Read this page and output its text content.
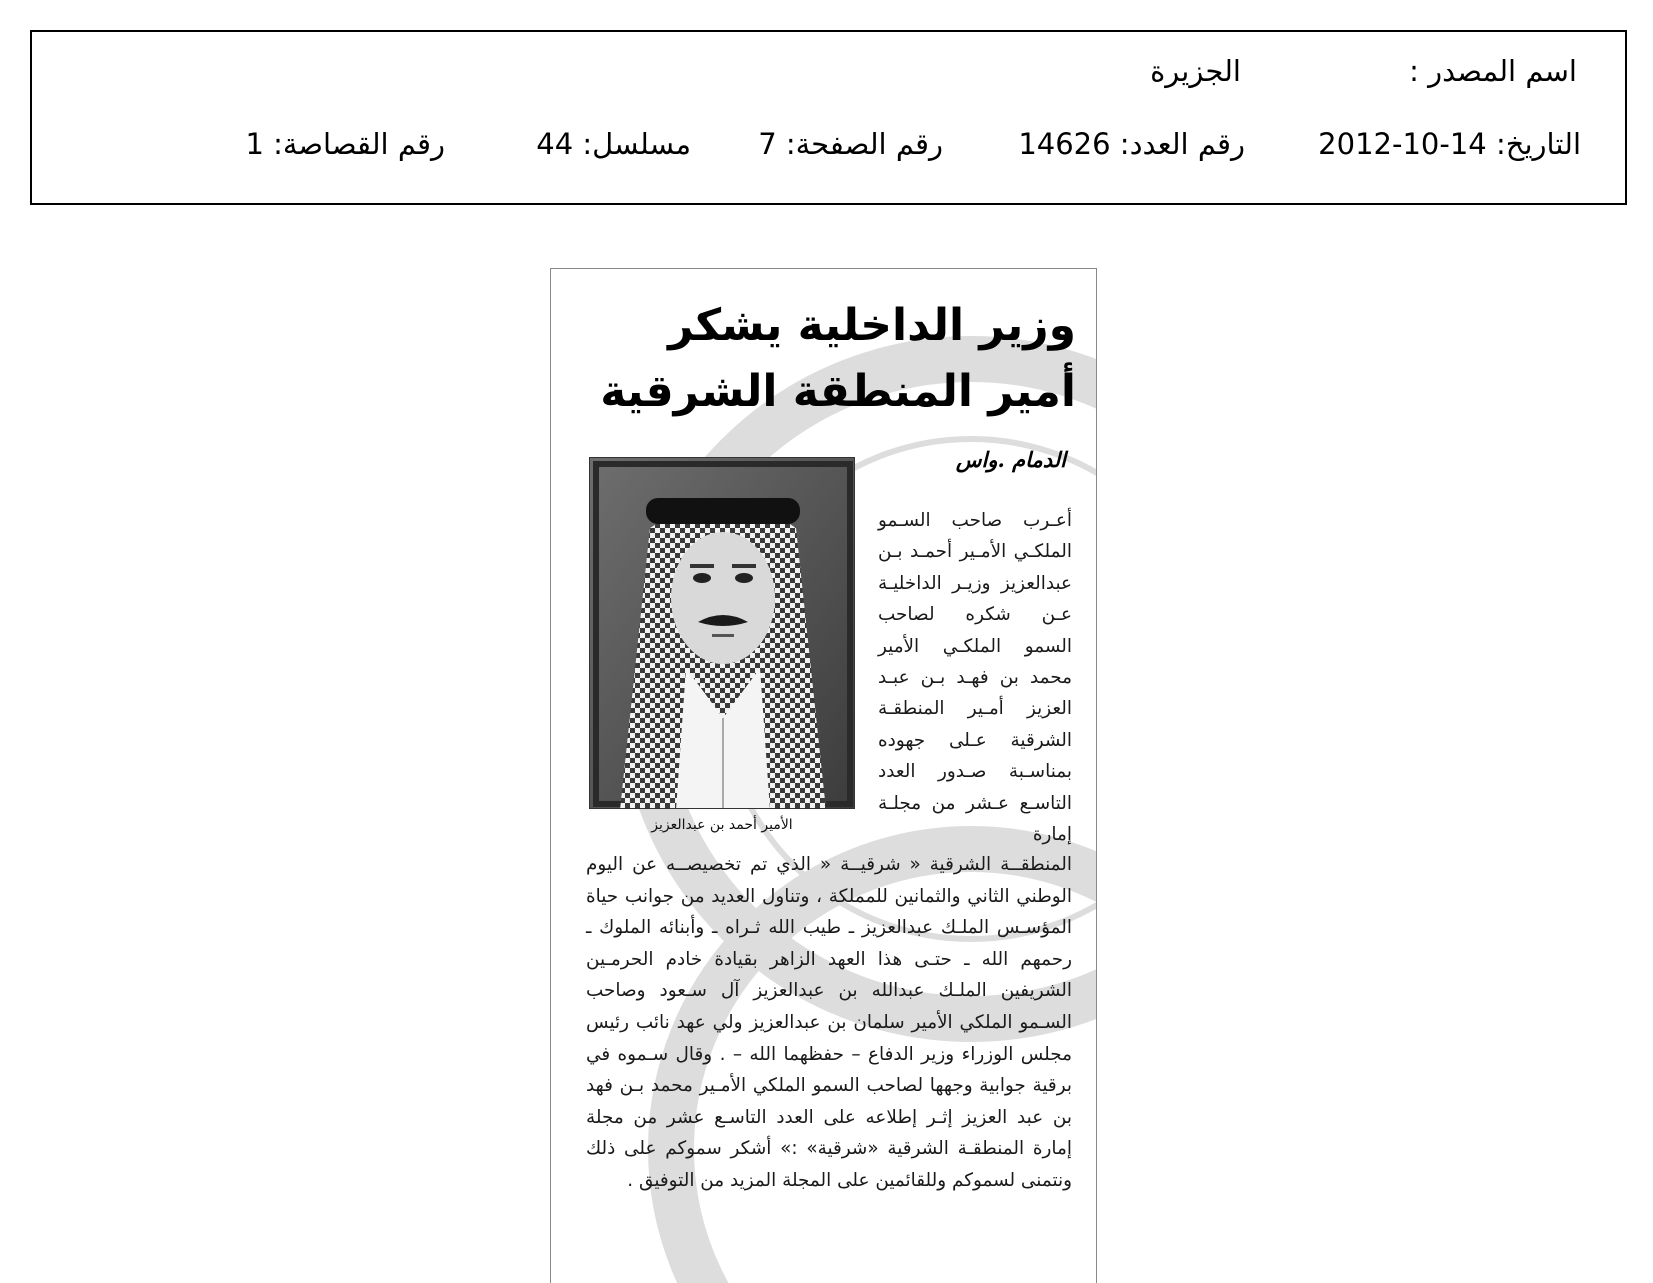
اسم المصدر :
الجزيرة
التاريخ: 14-10-2012
رقم العدد: 14626
رقم الصفحة: 7
مسلسل: 44
رقم القصاصة: 1
وزير الداخلية يشكر
أمير المنطقة الشرقية
الدمام .واس
الأمير أحمد بن عبدالعزيز
أعـرب صاحب السـمو الملكـي الأمـير أحمـد بـن عبدالعزيز وزيـر الداخليـة عـن شكره لصاحب السمو الملكـي الأمير محمد بن فهـد بـن عبـد العزيز أمـير المنطقـة الشرقية عـلى جهوده بمناسـبة صـدور العدد التاسـع عـشر من مجلـة إمارة
المنطقــة الشرقية « شرقيــة « الذي تم تخصيصــه عن اليوم الوطني الثاني والثمانين للمملكة ، وتناول العديد من جوانب حياة المؤسـس الملـك عبدالعزيز ـ طيب الله ثـراه ـ وأبنائه الملوك ـ رحمهم الله ـ حتـى هذا العهد الزاهر بقيادة خادم الحرمـين الشريفين الملـك عبدالله بن عبدالعزيز آل سـعود وصاحب السـمو الملكي الأمير سلمان بن عبدالعزيز ولي عهد نائب رئيس مجلس الوزراء وزير الدفاع – حفظهما الله – . وقال سـموه في برقية جوابية وجهها لصاحب السمو الملكي الأمـير محمد بـن فهد بن عبد العزيز إثـر إطلاعه على العدد التاسـع عشر من مجلة إمارة المنطقـة الشرقية «شرقية» :» أشكر سموكم على ذلك ونتمنى لسموكم وللقائمين على المجلة المزيد من التوفيق .
